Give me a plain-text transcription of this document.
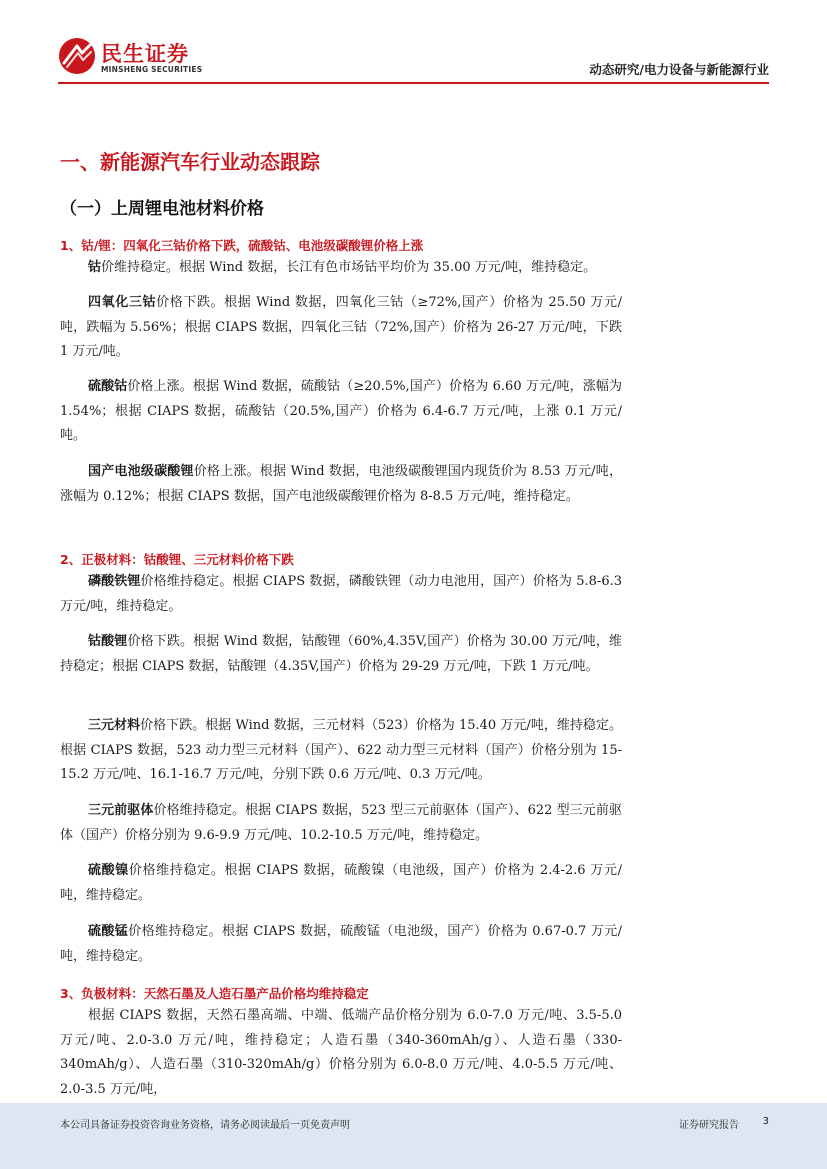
民生证券
MINSHENG SECURITIES	动态研究/电力设备与新能源行业
一、新能源汽车行业动态跟踪
（一）上周锂电池材料价格
1、钴/锂：四氧化三钴价格下跌，硫酸钴、电池级碳酸锂价格上涨
钴价维持稳定。根据 Wind 数据，长江有色市场钴平均价为 35.00 万元/吨，维持稳定。
四氧化三钴价格下跌。根据 Wind 数据，四氧化三钴（≥72%,国产）价格为 25.50 万元/吨，跌幅为 5.56%；根据 CIAPS 数据，四氧化三钴（72%,国产）价格为 26-27 万元/吨，下跌 1 万元/吨。
硫酸钴价格上涨。根据 Wind 数据，硫酸钴（≥20.5%,国产）价格为 6.60 万元/吨，涨幅为 1.54%；根据 CIAPS 数据，硫酸钴（20.5%,国产）价格为 6.4-6.7 万元/吨，上涨 0.1 万元/吨。
国产电池级碳酸锂价格上涨。根据 Wind 数据，电池级碳酸锂国内现货价为 8.53 万元/吨，涨幅为 0.12%；根据 CIAPS 数据，国产电池级碳酸锂价格为 8-8.5 万元/吨，维持稳定。
2、正极材料：钴酸锂、三元材料价格下跌
磷酸铁锂价格维持稳定。根据 CIAPS 数据，磷酸铁锂（动力电池用，国产）价格为 5.8-6.3 万元/吨，维持稳定。
钴酸锂价格下跌。根据 Wind 数据，钴酸锂（60%,4.35V,国产）价格为 30.00 万元/吨，维持稳定；根据 CIAPS 数据，钴酸锂（4.35V,国产）价格为 29-29 万元/吨，下跌 1 万元/吨。
三元材料价格下跌。根据 Wind 数据，三元材料（523）价格为 15.40 万元/吨，维持稳定。根据 CIAPS 数据，523 动力型三元材料（国产）、622 动力型三元材料（国产）价格分别为 15-15.2 万元/吨、16.1-16.7 万元/吨，分别下跌 0.6 万元/吨、0.3 万元/吨。
三元前驱体价格维持稳定。根据 CIAPS 数据，523 型三元前驱体（国产）、622 型三元前驱体（国产）价格分别为 9.6-9.9 万元/吨、10.2-10.5 万元/吨，维持稳定。
硫酸镍价格维持稳定。根据 CIAPS 数据，硫酸镍（电池级，国产）价格为 2.4-2.6 万元/吨，维持稳定。
硫酸锰价格维持稳定。根据 CIAPS 数据，硫酸锰（电池级，国产）价格为 0.67-0.7 万元/吨，维持稳定。
3、负极材料：天然石墨及人造石墨产品价格均维持稳定
根据 CIAPS 数据，天然石墨高端、中端、低端产品价格分别为 6.0-7.0 万元/吨、3.5-5.0 万元/吨、2.0-3.0 万元/吨，维持稳定；人造石墨（340-360mAh/g）、人造石墨（330-340mAh/g）、人造石墨（310-320mAh/g）价格分别为 6.0-8.0 万元/吨、4.0-5.5 万元/吨、2.0-3.5 万元/吨，
本公司具备证券投资咨询业务资格，请务必阅读最后一页免责声明	证券研究报告 3
